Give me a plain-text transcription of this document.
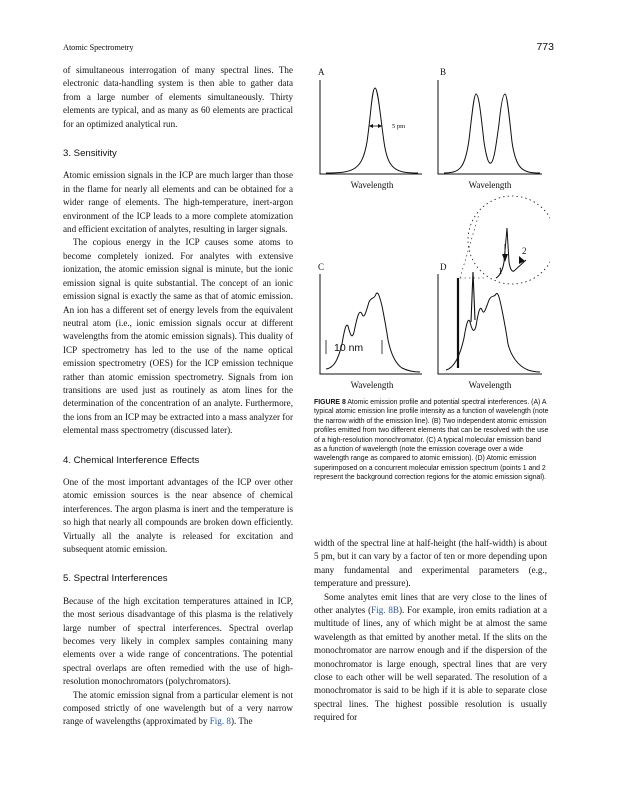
Atomic Spectrometry	773

of simultaneous interrogation of many spectral lines. The electronic data-handling system is then able to gather data from a large number of elements simultaneously. Thirty elements are typical, and as many as 60 elements are practical for an optimized analytical run.

3. Sensitivity

Atomic emission signals in the ICP are much larger than those in the flame for nearly all elements and can be obtained for a wider range of elements. The high-temperature, inert-argon environment of the ICP leads to a more complete atomization and efficient excitation of analytes, resulting in larger signals.

The copious energy in the ICP causes some atoms to become completely ionized. For analytes with extensive ionization, the atomic emission signal is minute, but the ionic emission signal is quite substantial. The concept of an ionic emission signal is exactly the same as that of atomic emission. An ion has a different set of energy levels from the equivalent neutral atom (i.e., ionic emission signals occur at different wavelengths from the atomic emission signals). This duality of ICP spectrometry has led to the use of the name optical emission spectrometry (OES) for the ICP emission technique rather than atomic emission spectrometry. Signals from ion transitions are used just as routinely as atom lines for the determination of the concentration of an analyte. Furthermore, the ions from an ICP may be extracted into a mass analyzer for elemental mass spectrometry (discussed later).

4. Chemical Interference Effects

One of the most important advantages of the ICP over other atomic emission sources is the near absence of chemical interferences. The argon plasma is inert and the temperature is so high that nearly all compounds are broken down efficiently. Virtually all the analyte is released for excitation and subsequent atomic emission.

5. Spectral Interferences

Because of the high excitation temperatures attained in ICP, the most serious disadvantage of this plasma is the relatively large number of spectral interferences. Spectral overlap becomes very likely in complex samples containing many elements over a wide range of concentrations. The potential spectral overlaps are often remedied with the use of high-resolution monochromators (polychromators).

The atomic emission signal from a particular element is not composed strictly of one wavelength but of a very narrow range of wavelengths (approximated by Fig. 8). The

A	B
C	D
Wavelength	Wavelength
Wavelength	Wavelength
5 pm
1
2
10 nm
FIGURE 8 Atomic emission profile and potential spectral interferences. (A) A typical atomic emission line profile intensity as a function of wavelength (note the narrow width of the emission line). (B) Two independent atomic emission profiles emitted from two different elements that can be resolved with the use of a high-resolution monochromator. (C) A typical molecular emission band as a function of wavelength (note the emission coverage over a wide wavelength range as compared to atomic emission). (D) Atomic emission superimposed on a concurrent molecular emission spectrum (points 1 and 2 represent the background correction regions for the atomic emission signal).

width of the spectral line at half-height (the half-width) is about 5 pm, but it can vary by a factor of ten or more depending upon many fundamental and experimental parameters (e.g., temperature and pressure).

Some analytes emit lines that are very close to the lines of other analytes (Fig. 8B). For example, iron emits radiation at a multitude of lines, any of which might be at almost the same wavelength as that emitted by another metal. If the slits on the monochromator are narrow enough and if the dispersion of the monochromator is large enough, spectral lines that are very close to each other will be well separated. The resolution of a monochromator is said to be high if it is able to separate close spectral lines. The highest possible resolution is usually required for
